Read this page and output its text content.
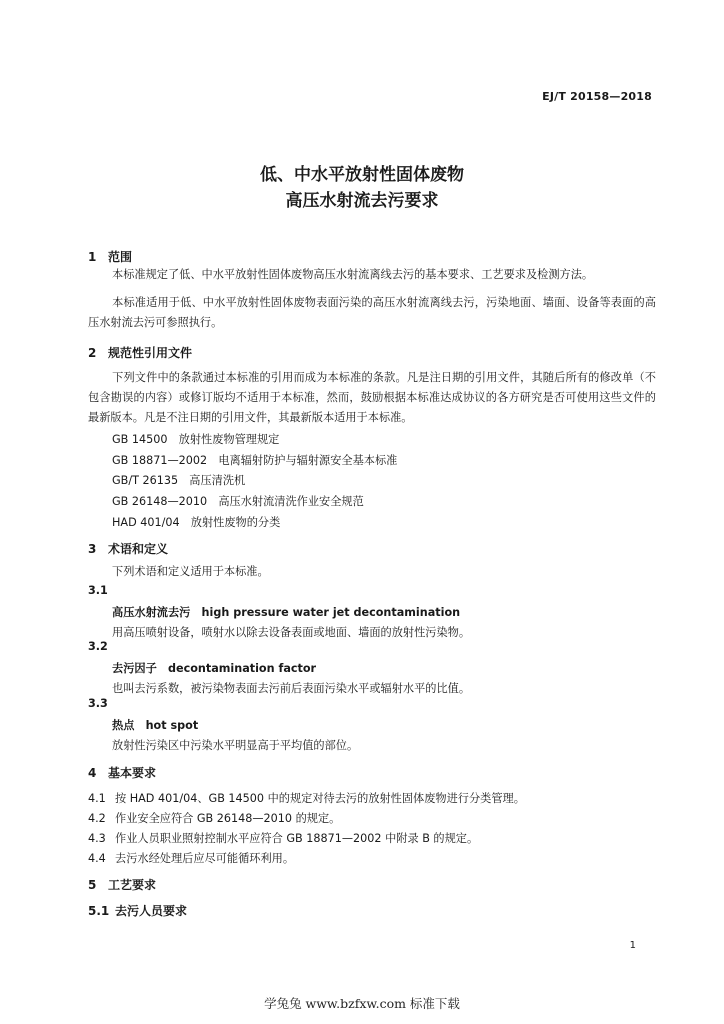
EJ/T 20158—2018
低、中水平放射性固体废物
高压水射流去污要求
1 范围
本标准规定了低、中水平放射性固体废物高压水射流离线去污的基本要求、工艺要求及检测方法。
本标准适用于低、中水平放射性固体废物表面污染的高压水射流离线去污，污染地面、墙面、设备等表面的高压水射流去污可参照执行。
2 规范性引用文件
下列文件中的条款通过本标准的引用而成为本标准的条款。凡是注日期的引用文件，其随后所有的修改单（不包含勘误的内容）或修订版均不适用于本标准，然而，鼓励根据本标准达成协议的各方研究是否可使用这些文件的最新版本。凡是不注日期的引用文件，其最新版本适用于本标准。
GB 14500　放射性废物管理规定
GB 18871—2002　电离辐射防护与辐射源安全基本标准
GB/T 26135　高压清洗机
GB 26148—2010　高压水射流清洗作业安全规范
HAD 401/04　放射性废物的分类
3 术语和定义
下列术语和定义适用于本标准。
3.1
高压水射流去污　 high pressure water jet decontamination
用高压喷射设备，喷射水以除去设备表面或地面、墙面的放射性污染物。
3.2
去污因子　 decontamination factor
也叫去污系数，被污染物表面去污前后表面污染水平或辐射水平的比值。
3.3
热点　 hot spot
放射性污染区中污染水平明显高于平均值的部位。
4 基本要求
4.1 按 HAD 401/04、GB 14500 中的规定对待去污的放射性固体废物进行分类管理。
4.2 作业安全应符合 GB 26148—2010 的规定。
4.3 作业人员职业照射控制水平应符合 GB 18871—2002 中附录 B 的规定。
4.4 去污水经处理后应尽可能循环利用。
5 工艺要求
5.1 去污人员要求
1
学兔兔 www.bzfxw.com 标准下载
